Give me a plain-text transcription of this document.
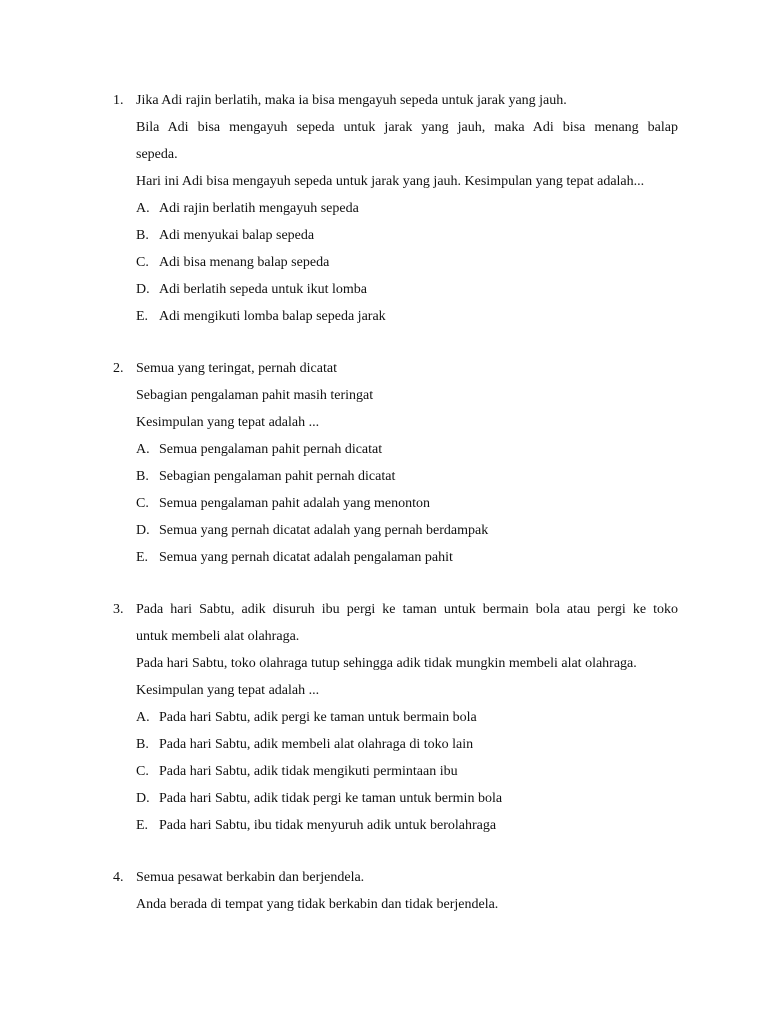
1. Jika Adi rajin berlatih, maka ia bisa mengayuh sepeda untuk jarak yang jauh.
Bila Adi bisa mengayuh sepeda untuk jarak yang jauh, maka Adi bisa menang balap
sepeda.
Hari ini Adi bisa mengayuh sepeda untuk jarak yang jauh. Kesimpulan yang tepat adalah...
A. Adi rajin berlatih mengayuh sepeda
B. Adi menyukai balap sepeda
C. Adi bisa menang balap sepeda
D. Adi berlatih sepeda untuk ikut lomba
E. Adi mengikuti lomba balap sepeda jarak
2. Semua yang teringat, pernah dicatat
Sebagian pengalaman pahit masih teringat
Kesimpulan yang tepat adalah ...
A. Semua pengalaman pahit pernah dicatat
B. Sebagian pengalaman pahit pernah dicatat
C. Semua pengalaman pahit adalah yang menonton
D. Semua yang pernah dicatat adalah yang pernah berdampak
E. Semua yang pernah dicatat adalah pengalaman pahit
3. Pada hari Sabtu, adik disuruh ibu pergi ke taman untuk bermain bola atau pergi ke toko
untuk membeli alat olahraga.
Pada hari Sabtu, toko olahraga tutup sehingga adik tidak mungkin membeli alat olahraga.
Kesimpulan yang tepat adalah ...
A. Pada hari Sabtu, adik pergi ke taman untuk bermain bola
B. Pada hari Sabtu, adik membeli alat olahraga di toko lain
C. Pada hari Sabtu, adik tidak mengikuti permintaan ibu
D. Pada hari Sabtu, adik tidak pergi ke taman untuk bermin bola
E. Pada hari Sabtu, ibu tidak menyuruh adik untuk berolahraga
4. Semua pesawat berkabin dan berjendela.
Anda berada di tempat yang tidak berkabin dan tidak berjendela.
